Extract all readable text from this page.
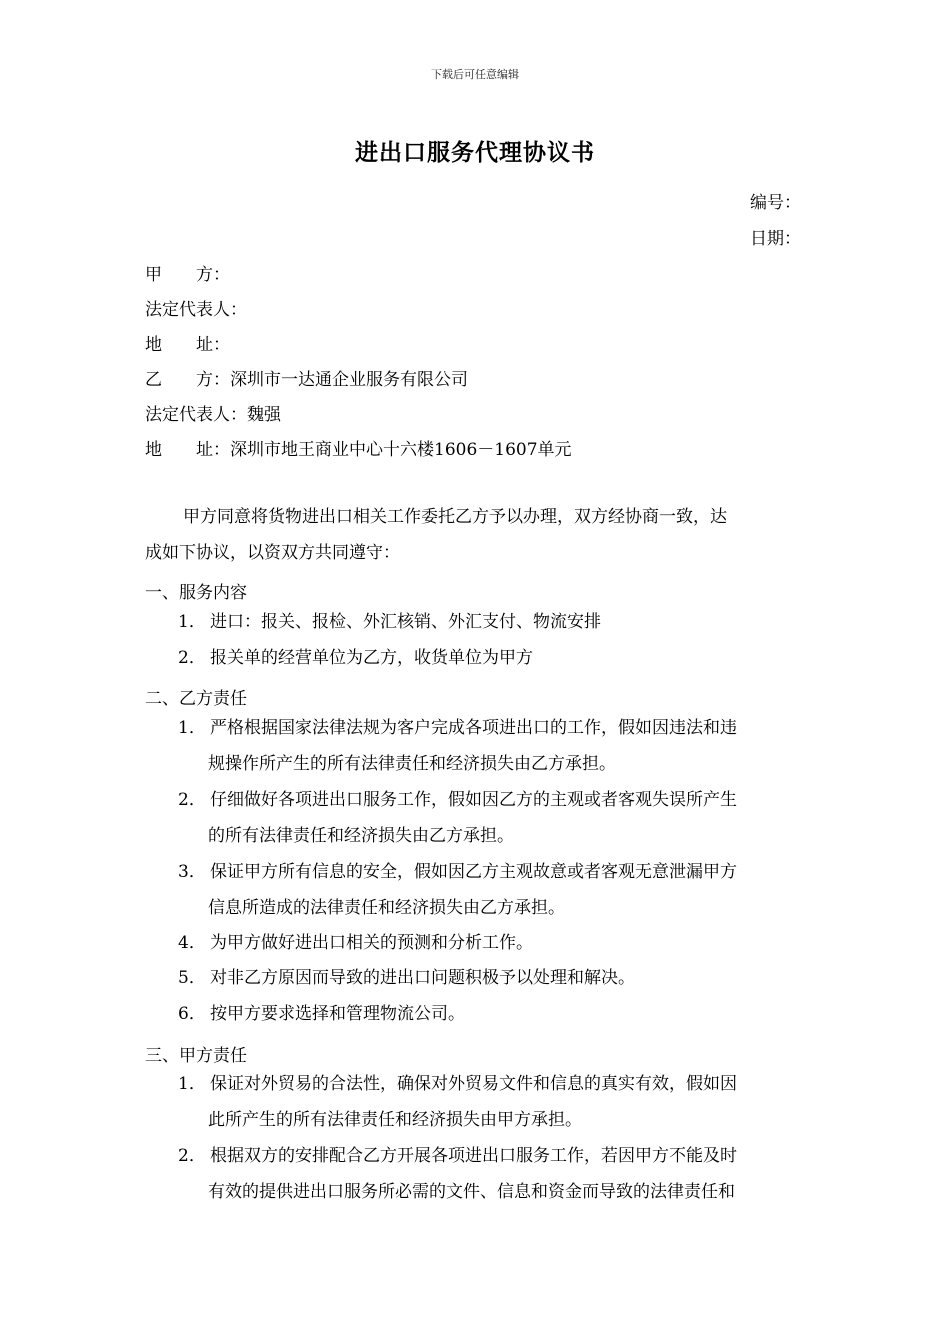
下载后可任意编辑
进出口服务代理协议书
编号：
日期：
甲　　方：
法定代表人：
地　　址：
乙　　方：深圳市一达通企业服务有限公司
法定代表人：魏强
地　　址：深圳市地王商业中心十六楼1606－1607单元
甲方同意将货物进出口相关工作委托乙方予以办理，双方经协商一致，达
成如下协议，以资双方共同遵守：
一、服务内容
1． 进口：报关、报检、外汇核销、外汇支付、物流安排
2． 报关单的经营单位为乙方，收货单位为甲方
二、乙方责任
1． 严格根据国家法律法规为客户完成各项进出口的工作，假如因违法和违
规操作所产生的所有法律责任和经济损失由乙方承担。
2． 仔细做好各项进出口服务工作，假如因乙方的主观或者客观失误所产生
的所有法律责任和经济损失由乙方承担。
3． 保证甲方所有信息的安全，假如因乙方主观故意或者客观无意泄漏甲方
信息所造成的法律责任和经济损失由乙方承担。
4． 为甲方做好进出口相关的预测和分析工作。
5． 对非乙方原因而导致的进出口问题积极予以处理和解决。
6． 按甲方要求选择和管理物流公司。
三、甲方责任
1． 保证对外贸易的合法性，确保对外贸易文件和信息的真实有效，假如因
此所产生的所有法律责任和经济损失由甲方承担。
2． 根据双方的安排配合乙方开展各项进出口服务工作，若因甲方不能及时
有效的提供进出口服务所必需的文件、信息和资金而导致的法律责任和
